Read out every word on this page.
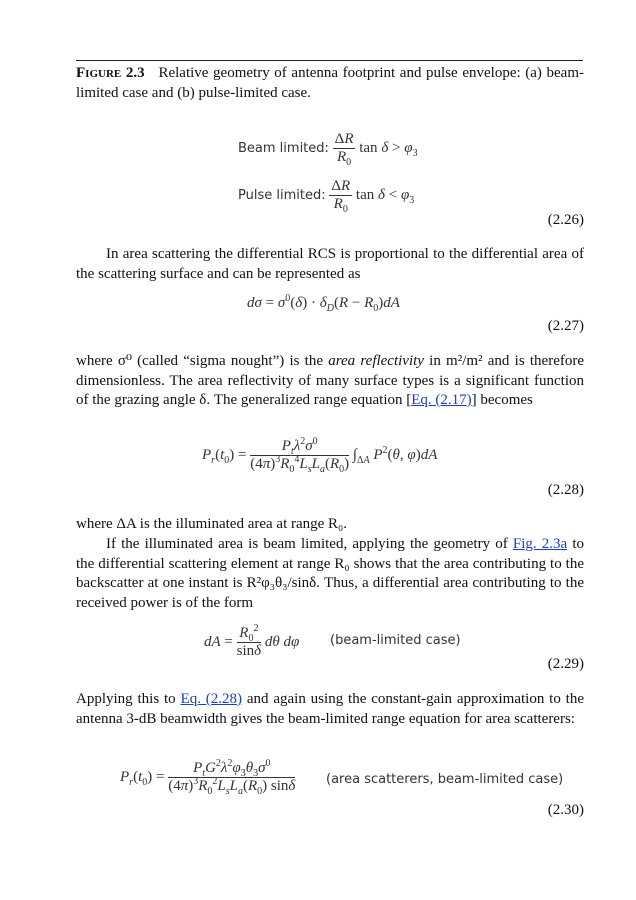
Figure 2.3 Relative geometry of antenna footprint and pulse envelope: (a) beam-limited case and (b) pulse-limited case.
Beam limited: $\frac{\Delta R}{R_0}$ $\tan \delta > \varphi_3$
Pulse limited: $\frac{\Delta R}{R_0}$ $\tan \delta < \varphi_3$
(2.26)
In area scattering the differential RCS is proportional to the differential area of the scattering surface and can be represented as
$d\sigma = \sigma^0(\delta) \cdot \delta_D(R - R_0)dA$
(2.27)
where σ⁰ (called “sigma nought”) is the area reflectivity in m²/m² and is therefore dimensionless. The area reflectivity of many surface types is a significant function of the grazing angle δ. The generalized range equation [Eq. (2.17)] becomes
$P_r(t_0) = \frac{P_t\lambda^2\sigma^0}{(4\pi)^3R_0^4L_sL_a(R_0)} \int_{\Delta A}$ $P^2(\theta$, φ)dA
(2.28)
where ΔA is the illuminated area at range R₀.
If the illuminated area is beam limited, applying the geometry of Fig. 2.3a to the differential scattering element at range R₀ shows that the area contributing to the backscatter at one instant is R²φ₃θ₃/sinδ. Thus, a differential area contributing to the received power is of the form
dA = $\frac{R_0^2}{\sin\delta}$ dθ dφ (beam-limited case)
(2.29)
Applying this to Eq. (2.28) and again using the constant-gain approximation to the antenna 3-dB beamwidth gives the beam-limited range equation for area scatterers:
$P_r(t_0) = \frac{P_tG^2\lambda^2\varphi_3\theta_3\sigma^0}{(4\pi)^3R_0^2L_sL_a(R_0) \sin\delta}$ (area scatterers, beam-limited case)
(2.30)
